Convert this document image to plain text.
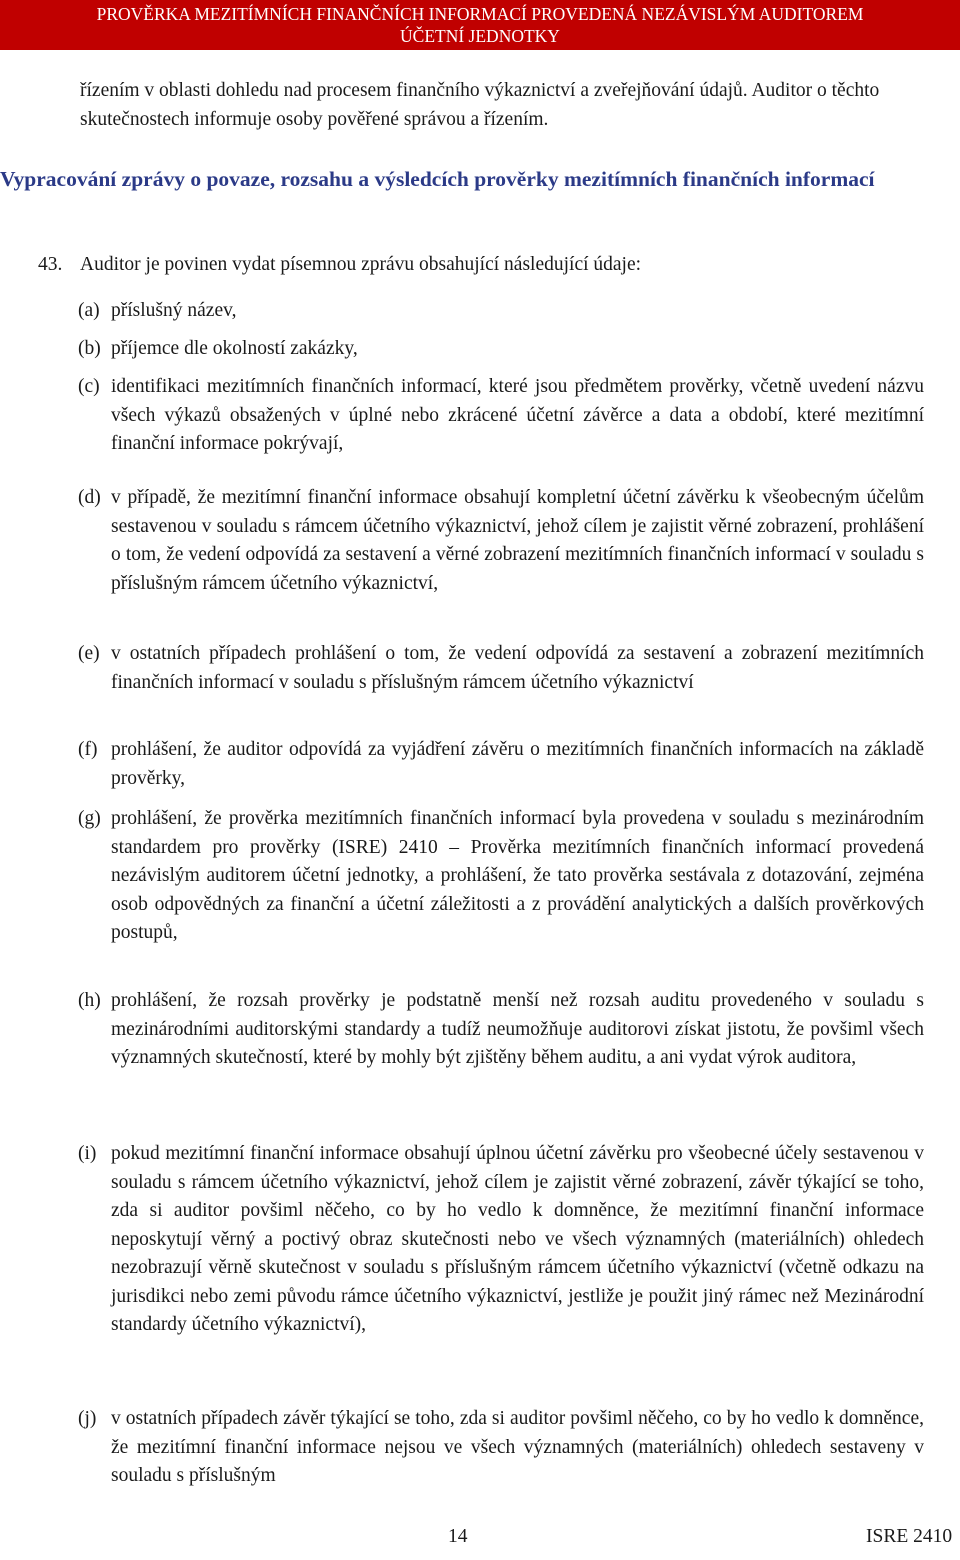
PROVĚRKA MEZITÍMNÍCH FINANČNÍCH INFORMACÍ PROVEDENÁ NEZÁVISLÝM AUDITOREM
ÚČETNÍ JEDNOTKY

řízením v oblasti dohledu nad procesem finančního výkaznictví a zveřejňování údajů. Auditor o těchto skutečnostech informuje osoby pověřené správou a řízením.

Vypracování zprávy o povaze, rozsahu a výsledcích prověrky mezitímních finančních informací
43. Auditor je povinen vydat písemnou zprávu obsahující následující údaje:

(a) příslušný název,
(b) příjemce dle okolností zakázky,
(c) identifikaci mezitímních finančních informací, které jsou předmětem prověrky, včetně uvedení názvu všech výkazů obsažených v úplné nebo zkrácené účetní závěrce a data a období, které mezitímní finanční informace pokrývají,
(d) v případě, že mezitímní finanční informace obsahují kompletní účetní závěrku k všeobecným účelům sestavenou v souladu s rámcem účetního výkaznictví, jehož cílem je zajistit věrné zobrazení, prohlášení o tom, že vedení odpovídá za sestavení a věrné zobrazení mezitímních finančních informací v souladu s příslušným rámcem účetního výkaznictví,
(e) v ostatních případech prohlášení o tom, že vedení odpovídá za sestavení a zobrazení mezitímních finančních informací v souladu s příslušným rámcem účetního výkaznictví
(f) prohlášení, že auditor odpovídá za vyjádření závěru o mezitímních finančních informacích na základě prověrky,
(g) prohlášení, že prověrka mezitímních finančních informací byla provedena v souladu s mezinárodním standardem pro prověrky (ISRE) 2410 – Prověrka mezitímních finančních informací provedená nezávislým auditorem účetní jednotky, a prohlášení, že tato prověrka sestávala z dotazování, zejména osob odpovědných za finanční a účetní záležitosti a z provádění analytických a dalších prověrkových postupů,
(h) prohlášení, že rozsah prověrky je podstatně menší než rozsah auditu provedeného v souladu s mezinárodními auditorskými standardy a tudíž neumožňuje auditorovi získat jistotu, že povšiml všech významných skutečností, které by mohly být zjištěny během auditu, a ani vydat výrok auditora,
(i) pokud mezitímní finanční informace obsahují úplnou účetní závěrku pro všeobecné účely sestavenou v souladu s rámcem účetního výkaznictví, jehož cílem je zajistit věrné zobrazení, závěr týkající se toho, zda si auditor povšiml něčeho, co by ho vedlo k domněnce, že mezitímní finanční informace neposkytují věrný a poctivý obraz skutečnosti nebo ve všech významných (materiálních) ohledech nezobrazují věrně skutečnost v souladu s příslušným rámcem účetního výkaznictví (včetně odkazu na jurisdikci nebo zemi původu rámce účetního výkaznictví, jestliže je použit jiný rámec než Mezinárodní standardy účetního výkaznictví),
(j) v ostatních případech závěr týkající se toho, zda si auditor povšiml něčeho, co by ho vedlo k domněnce, že mezitímní finanční informace nejsou ve všech významných (materiálních) ohledech sestaveny v souladu s příslušným
14	ISRE 2410
